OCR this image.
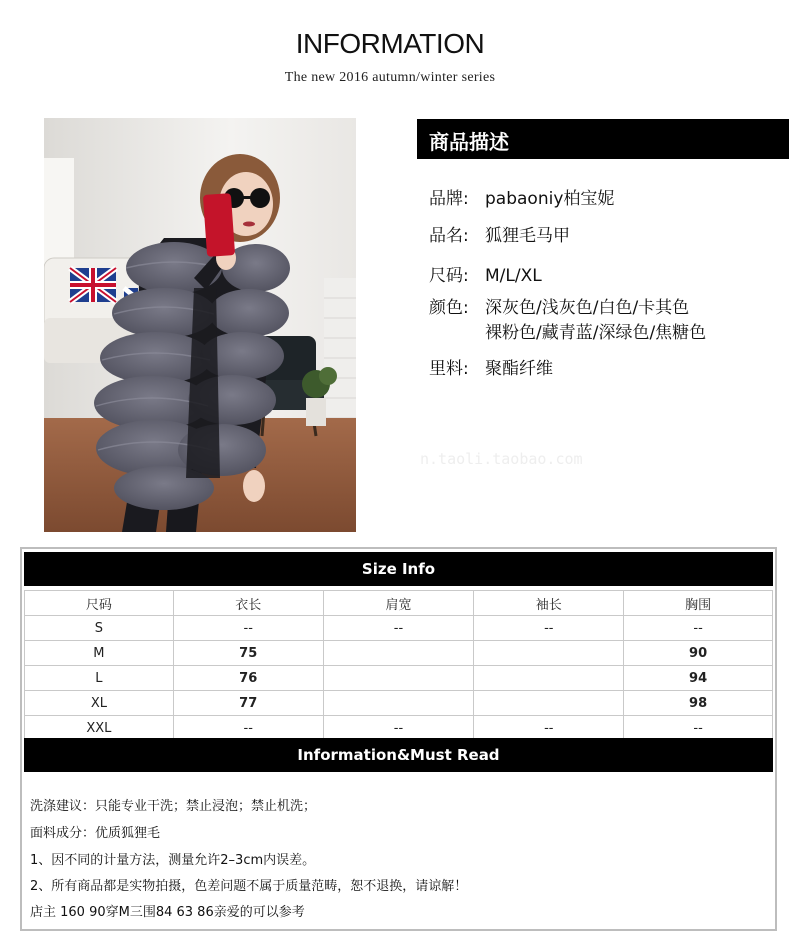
INFORMATION
The new 2016 autumn/winter series
商品描述
品牌: pabaoniy柏宝妮
品名: 狐狸毛马甲
尺码: M/L/XL
颜色: 深灰色/浅灰色/白色/卡其色
裸粉色/藏青蓝/深绿色/焦糖色
里料: 聚酯纤维
n.taoli.taobao.com
Size Info
尺码	衣长	肩宽	袖长	胸围
S	--	--	--	--
M	75			90
L	76			94
XL	77			98
XXL	--	--	--	--
Information&Must Read
洗涤建议：只能专业干洗；禁止浸泡；禁止机洗；
面料成分：优质狐狸毛
1、因不同的计量方法，测量允许2–3cm内误差。
2、所有商品都是实物拍摄，色差问题不属于质量范畴，恕不退换，请谅解！
店主 160 90穿M三围84 63 86亲爱的可以参考
